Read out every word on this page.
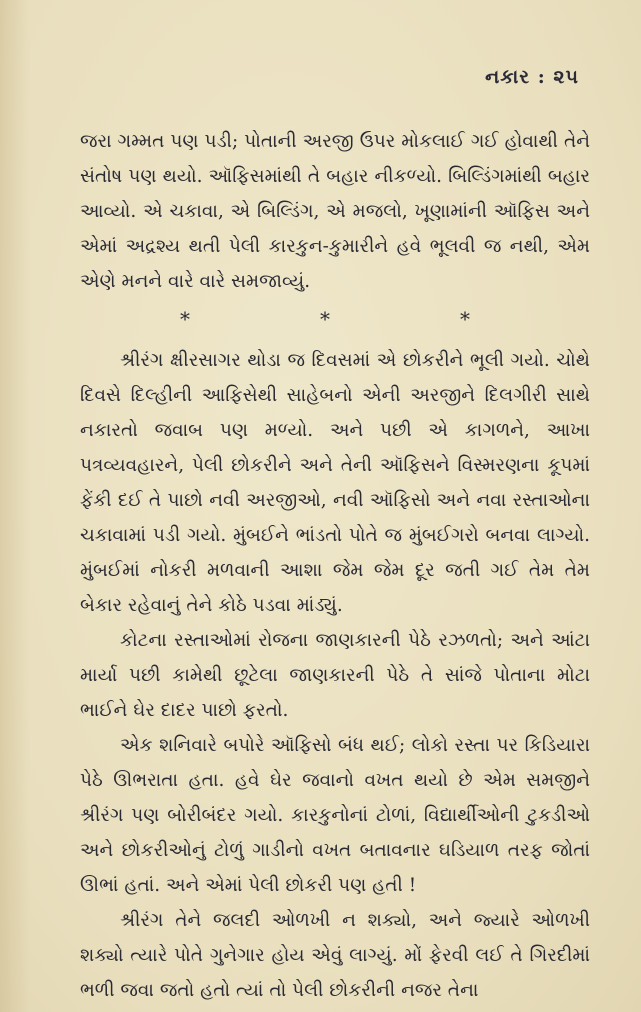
નકાર : ૨૫

જરા ગમ્મત પણ પડી; પોતાની અરજી ઉપર મોકલાઈ ગઈ હોવાથી તેને સંતોષ પણ થયો. ઑફિસમાંથી તે બહાર નીકળ્યો. બિલ્ડિંગમાંથી બહાર આવ્યો. એ ચકાવા, એ બિલ્ડિંગ, એ મજલો, ખૂણામાંની ઑફિસ અને એમાં અદ્રશ્ય થતી પેલી કારકુન-કુમારીને હવે ભૂલવી જ નથી, એમ એણે મનને વારે વારે સમજાવ્યું.

*	*	*

શ્રીરંગ ક્ષીરસાગર થોડા જ દિવસમાં એ છોકરીને ભૂલી ગયો. ચોથે દિવસે દિલ્હીની આફિસેથી સાહેબનો એની અરજીને દિલગીરી સાથે નકારતો જવાબ પણ મળ્યો. અને પછી એ કાગળને, આખા પત્રવ્યવહારને, પેલી છોકરીને અને તેની ઑફિસને વિસ્મરણના કૂપમાં ફેંકી દઈ તે પાછો નવી અરજીઓ, નવી ઑફિસો અને નવા રસ્તાઓના ચકાવામાં પડી ગયો. મુંબઈને ભાંડતો પોતે જ મુંબઈગરો બનવા લાગ્યો. મુંબઈમાં નોકરી મળવાની આશા જેમ જેમ દૂર જતી ગઈ તેમ તેમ બેકાર રહેવાનું તેને કોઠે પડવા માંડ્યું.

કોટના રસ્તાઓમાં રોજના જાણકારની પેઠે રઝળતો; અને આંટા માર્યા પછી કામેથી છૂટેલા જાણકારની પેઠે તે સાંજે પોતાના મોટા ભાઈને ઘેર દાદર પાછો ફરતો.

એક શનિવારે બપોરે ઑફિસો બંધ થઈ; લોકો રસ્તા પર કિડિયારા પેઠે ઊભરાતા હતા. હવે ઘેર જવાનો વખત થયો છે એમ સમજીને શ્રીરંગ પણ બોરીબંદર ગયો. કારકુનોનાં ટોળાં, વિદ્યાર્થીઓની ટુકડીઓ અને છોકરીઓનું ટોળું ગાડીનો વખત બતાવનાર ઘડિયાળ તરફ જોતાં ઊભાં હતાં. અને એમાં પેલી છોકરી પણ હતી !

શ્રીરંગ તેને જલદી ઓળખી ન શક્યો, અને જ્યારે ઓળખી શક્યો ત્યારે પોતે ગુનેગાર હોય એવું લાગ્યું. મોં ફેરવી લઈ તે ગિરદીમાં ભળી જવા જતો હતો ત્યાં તો પેલી છોકરીની નજર તેના
